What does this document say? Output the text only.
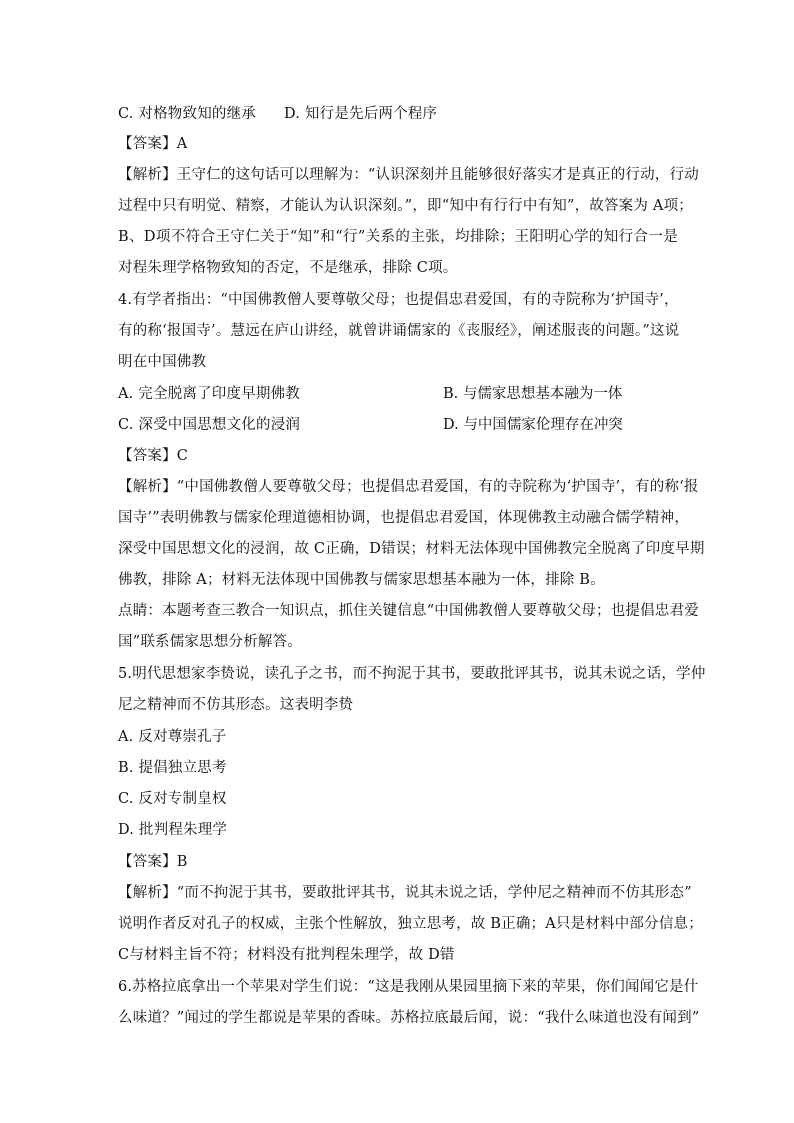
C. 对格物致知的继承 D. 知行是先后两个程序
【答案】A
【解析】王守仁的这句话可以理解为：“认识深刻并且能够很好落实才是真正的行动，行动
过程中只有明觉、精察，才能认为认识深刻。”，即“知中有行行中有知”，故答案为 A项；
B、D项不符合王守仁关于“知”和“行”关系的主张，均排除；王阳明心学的知行合一是
对程朱理学格物致知的否定，不是继承，排除 C项。
4.有学者指出：“中国佛教僧人要尊敬父母；也提倡忠君爱国，有的寺院称为‘护国寺’，
有的称‘报国寺’。慧远在庐山讲经，就曾讲诵儒家的《丧服经》，阐述服丧的问题。”这说
明在中国佛教
A. 完全脱离了印度早期佛教	B. 与儒家思想基本融为一体
C. 深受中国思想文化的浸润	D. 与中国儒家伦理存在冲突
【答案】C
【解析】“中国佛教僧人要尊敬父母；也提倡忠君爱国，有的寺院称为‘护国寺’，有的称‘报
国寺’”表明佛教与儒家伦理道德相协调，也提倡忠君爱国，体现佛教主动融合儒学精神，
深受中国思想文化的浸润，故 C正确，D错误；材料无法体现中国佛教完全脱离了印度早期
佛教，排除 A；材料无法体现中国佛教与儒家思想基本融为一体，排除 B。
点睛：本题考查三教合一知识点，抓住关键信息“中国佛教僧人要尊敬父母；也提倡忠君爱
国”联系儒家思想分析解答。
5.明代思想家李贽说，读孔子之书，而不拘泥于其书，要敢批评其书，说其未说之话，学仲
尼之精神而不仿其形态。这表明李贽
A. 反对尊崇孔子
B. 提倡独立思考
C. 反对专制皇权
D. 批判程朱理学
【答案】B
【解析】“而不拘泥于其书，要敢批评其书，说其未说之话，学仲尼之精神而不仿其形态”
说明作者反对孔子的权威，主张个性解放，独立思考，故 B正确；A只是材料中部分信息；
C与材料主旨不符；材料没有批判程朱理学，故 D错
6.苏格拉底拿出一个苹果对学生们说：“这是我刚从果园里摘下来的苹果，你们闻闻它是什
么味道？”闻过的学生都说是苹果的香味。苏格拉底最后闻，说：“我什么味道也没有闻到”
